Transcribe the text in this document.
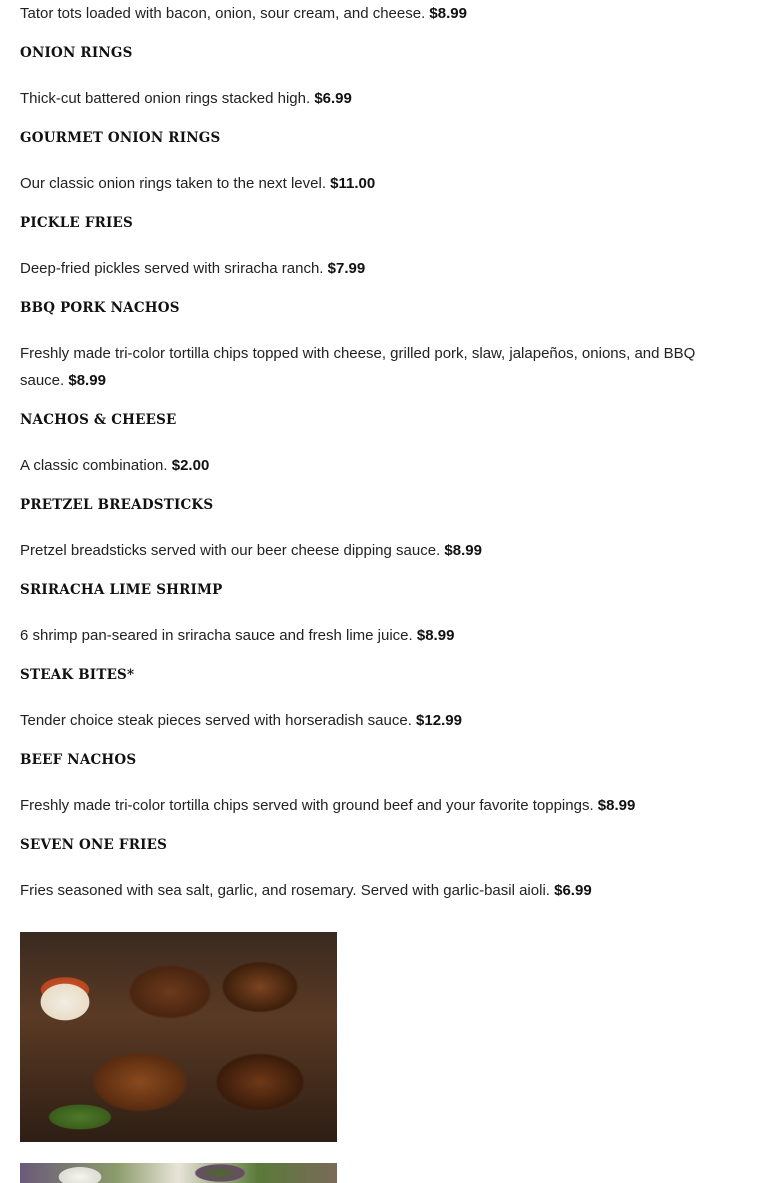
Tator tots loaded with bacon, onion, sour cream, and cheese. $8.99

ONION RINGS

Thick-cut battered onion rings stacked high. $6.99

GOURMET ONION RINGS

Our classic onion rings taken to the next level. $11.00

PICKLE FRIES

Deep-fried pickles served with sriracha ranch. $7.99

BBQ PORK NACHOS

Freshly made tri-color tortilla chips topped with cheese, grilled pork, slaw, jalapeños, onions, and BBQ sauce. $8.99

NACHOS & CHEESE

A classic combination. $2.00

PRETZEL BREADSTICKS

Pretzel breadsticks served with our beer cheese dipping sauce. $8.99

SRIRACHA LIME SHRIMP

6 shrimp pan-seared in sriracha sauce and fresh lime juice. $8.99

STEAK BITES*

Tender choice steak pieces served with horseradish sauce. $12.99

BEEF NACHOS

Freshly made tri-color tortilla chips served with ground beef and your favorite toppings. $8.99

SEVEN ONE FRIES

Fries seasoned with sea salt, garlic, and rosemary. Served with garlic-basil aioli. $6.99
